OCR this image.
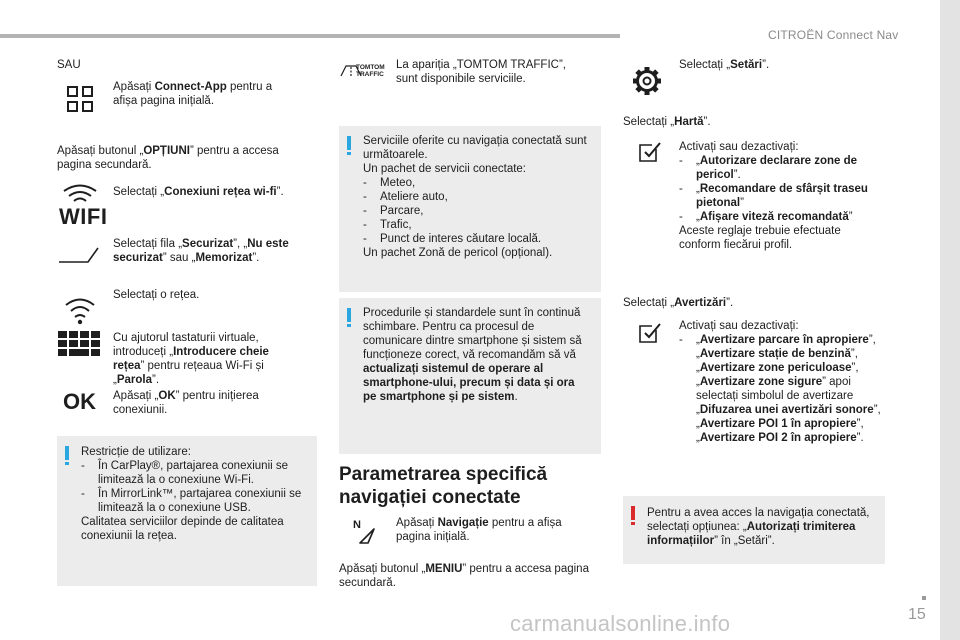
CITROËN Connect Nav
15
SAU
Apăsați Connect-App pentru a afișa pagina inițială.
Apăsați butonul „OPȚIUNI” pentru a accesa pagina secundară.
WIFI
Selectați „Conexiuni rețea wi-fi”.
Selectați fila „Securizat”, „Nu este securizat” sau „Memorizat”.
Selectați o rețea.
Cu ajutorul tastaturii virtuale, introduceți „Introducere cheie rețea” pentru rețeaua Wi-Fi și „Parola”.
OK Apăsați „OK” pentru inițierea conexiunii.
Restricție de utilizare:
-	În CarPlay®, partajarea conexiunii se limitează la o conexiune Wi-Fi.
-	În MirrorLink™, partajarea conexiunii se limitează la o conexiune USB.
Calitatea serviciilor depinde de calitatea conexiunii la rețea.
TOMTOM TRAFFIC
La apariția „TOMTOM TRAFFIC”, sunt disponibile serviciile.
Serviciile oferite cu navigația conectată sunt următoarele.
Un pachet de servicii conectate:
-	Meteo,
-	Ateliere auto,
-	Parcare,
-	Trafic,
-	Punct de interes căutare locală.
Un pachet Zonă de pericol (opțional).
Procedurile și standardele sunt în continuă schimbare. Pentru ca procesul de comunicare dintre smartphone și sistem să funcționeze corect, vă recomandăm să vă actualizați sistemul de operare al smartphone-ului, precum și data și ora pe smartphone și pe sistem.
Parametrarea specifică navigației conectate
N	Apăsați Navigație pentru a afișa pagina inițială.
Apăsați butonul „MENIU” pentru a accesa pagina secundară.
Selectați „Setări”.
Selectați „Hartă”.
Activați sau dezactivați:
-	„Autorizare declarare zone de pericol”.
-	„Recomandare de sfârșit traseu pietonal”
-	„Afișare viteză recomandată”
Aceste reglaje trebuie efectuate conform fiecărui profil.
Selectați „Avertizări”.
Activați sau dezactivați:
-	„Avertizare parcare în apropiere”, „Avertizare stație de benzină”, „Avertizare zone periculoase”, „Avertizare zone sigure” apoi selectați simbolul de avertizare „Difuzarea unei avertizări sonore”, „Avertizare POI 1 în apropiere”, „Avertizare POI 2 în apropiere”.
Pentru a avea acces la navigația conectată, selectați opțiunea: „Autorizați trimiterea informațiilor” în „Setări”.
carmanualsonline.info
